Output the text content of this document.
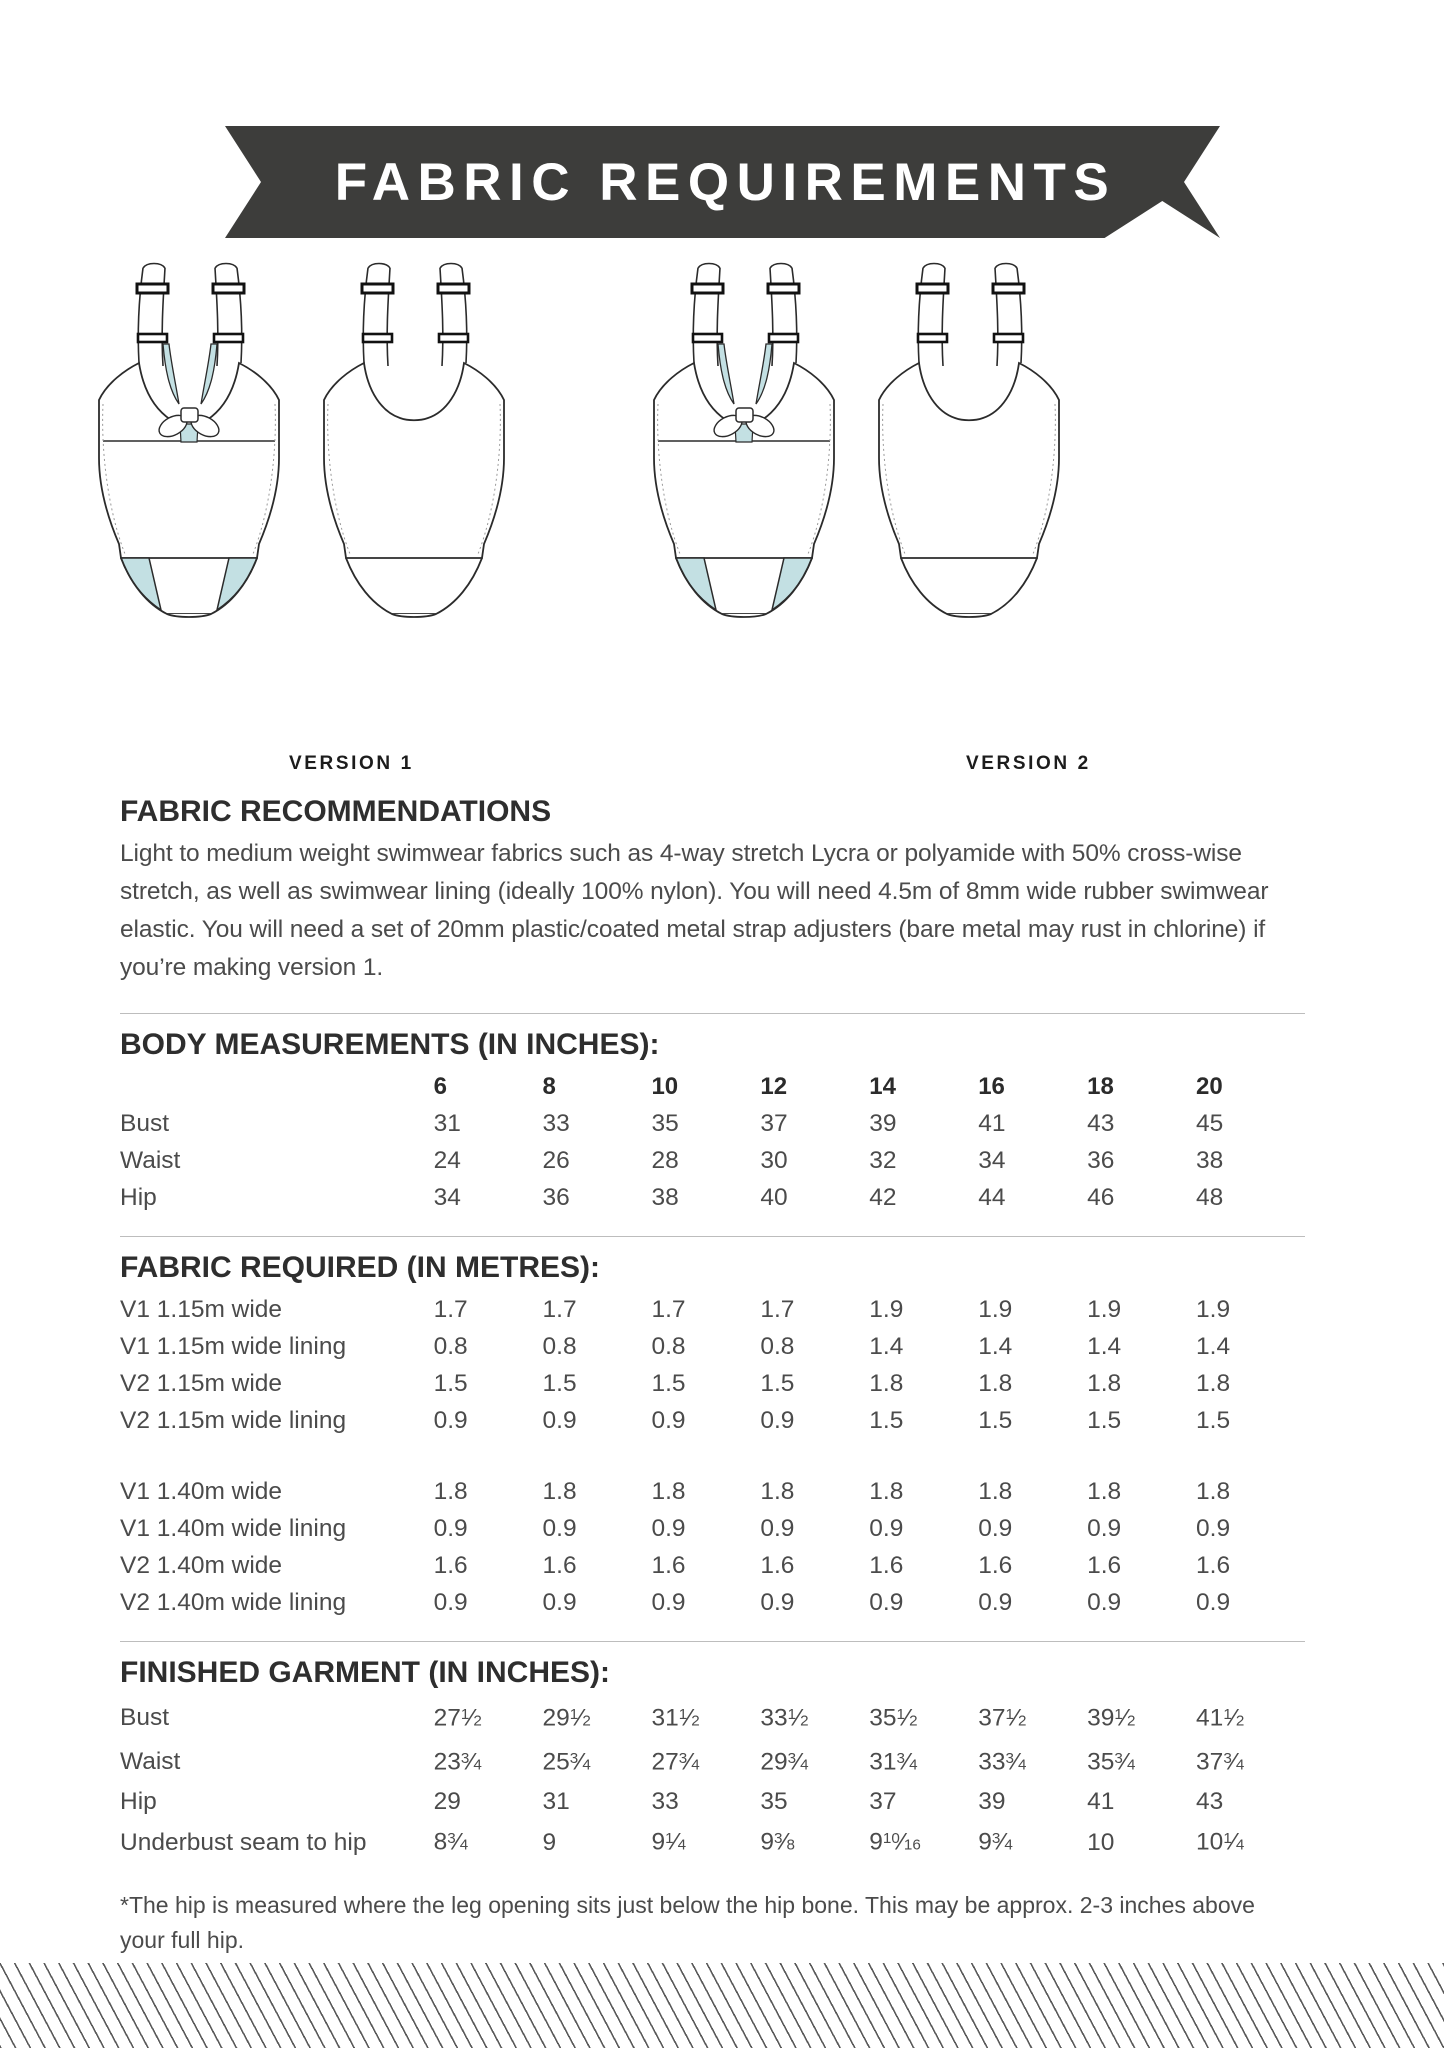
FABRIC REQUIREMENTS
VERSION 1	VERSION 2
FABRIC RECOMMENDATIONS

Light to medium weight swimwear fabrics such as 4-way stretch Lycra or polyamide with 50% cross-wise stretch, as well as swimwear lining (ideally 100% nylon). You will need 4.5m of 8mm wide rubber swimwear elastic. You will need a set of 20mm plastic/coated metal strap adjusters (bare metal may rust in chlorine) if you’re making version 1.

BODY MEASUREMENTS (IN INCHES):
	6	8	10	12	14	16	18	20
Bust	31	33	35	37	39	41	43	45
Waist	24	26	28	30	32	34	36	38
Hip	34	36	38	40	42	44	46	48
FABRIC REQUIRED (IN METRES):
V1 1.15m wide	1.7	1.7	1.7	1.7	1.9	1.9	1.9	1.9
V1 1.15m wide lining	0.8	0.8	0.8	0.8	1.4	1.4	1.4	1.4
V2 1.15m wide	1.5	1.5	1.5	1.5	1.8	1.8	1.8	1.8
V2 1.15m wide lining	0.9	0.9	0.9	0.9	1.5	1.5	1.5	1.5

V1 1.40m wide	1.8	1.8	1.8	1.8	1.8	1.8	1.8	1.8
V1 1.40m wide lining	0.9	0.9	0.9	0.9	0.9	0.9	0.9	0.9
V2 1.40m wide	1.6	1.6	1.6	1.6	1.6	1.6	1.6	1.6
V2 1.40m wide lining	0.9	0.9	0.9	0.9	0.9	0.9	0.9	0.9
FINISHED GARMENT (IN INCHES):
Bust	$27^1⁄_2$	$29^1⁄_2$	$31^1⁄_2$	$33^1⁄_2$	$35^1⁄_2$	$37^1⁄_2$	$39^1⁄_2$	$41^1⁄_2$
Waist	$23^3⁄_4$	$25^3⁄_4$	$27^3⁄_4$	$29^3⁄_4$	$31^3⁄_4$	$33^3⁄_4$	$35^3⁄_4$	$37^3⁄_4$
Hip	29	31	33	35	37	39	41	43
Underbust seam to hip	$8^3⁄_4$	9	$9^1⁄_4$	$9^3⁄_8$	$9^{10}⁄_{16}$	$9^3⁄_4$	10	$10^1⁄_4$

*The hip is measured where the leg opening sits just below the hip bone. This may be approx. 2-3 inches above your full hip.
